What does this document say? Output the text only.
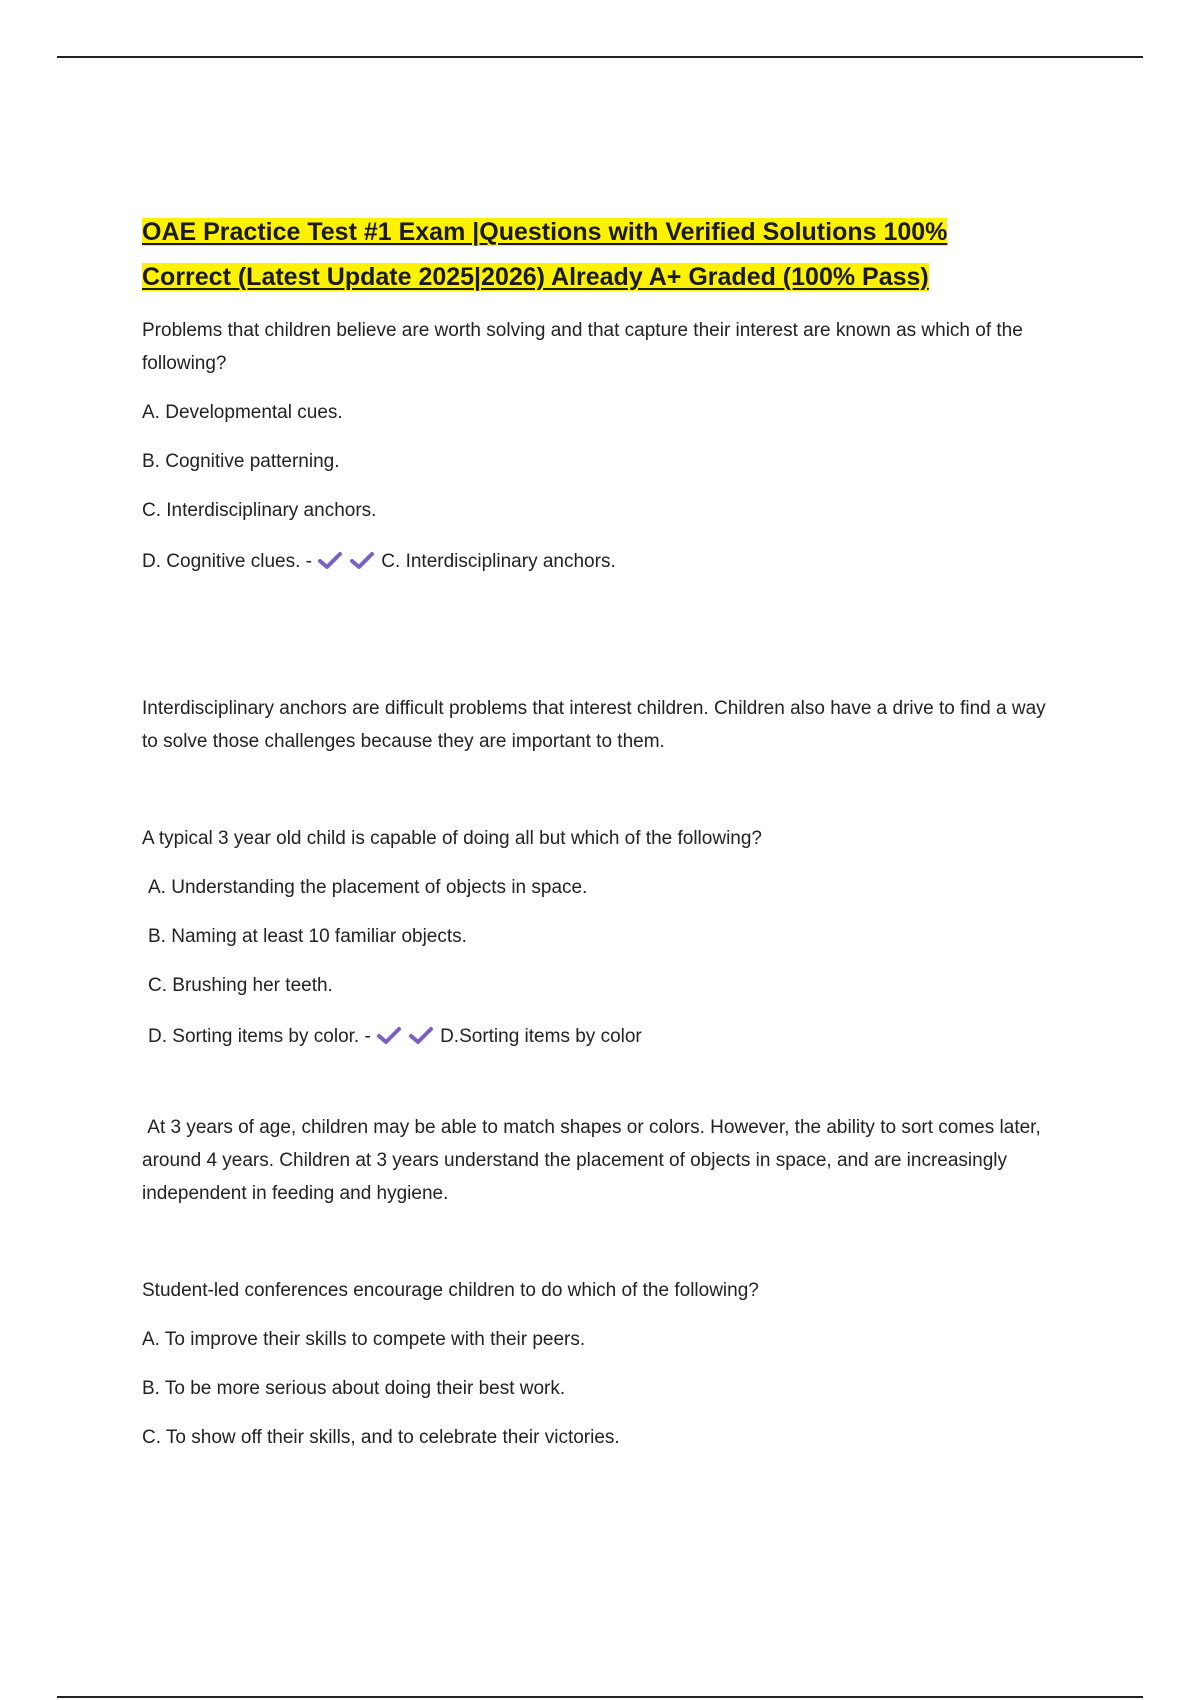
OAE Practice Test #1 Exam |Questions with Verified Solutions 100%
Correct (Latest Update 2025|2026) Already A+ Graded (100% Pass)

Problems that children believe are worth solving and that capture their interest are known as which of the following?

A. Developmental cues.

B. Cognitive patterning.

C. Interdisciplinary anchors.

D. Cognitive clues. -	C. Interdisciplinary anchors.

Interdisciplinary anchors are difficult problems that interest children. Children also have a drive to find a way to solve those challenges because they are important to them.

A typical 3 year old child is capable of doing all but which of the following?

A. Understanding the placement of objects in space.

B. Naming at least 10 familiar objects.

C. Brushing her teeth.

D. Sorting items by color. -	D.Sorting items by color

At 3 years of age, children may be able to match shapes or colors. However, the ability to sort comes later, around 4 years. Children at 3 years understand the placement of objects in space, and are increasingly independent in feeding and hygiene.

Student-led conferences encourage children to do which of the following?

A. To improve their skills to compete with their peers.

B. To be more serious about doing their best work.

C. To show off their skills, and to celebrate their victories.
